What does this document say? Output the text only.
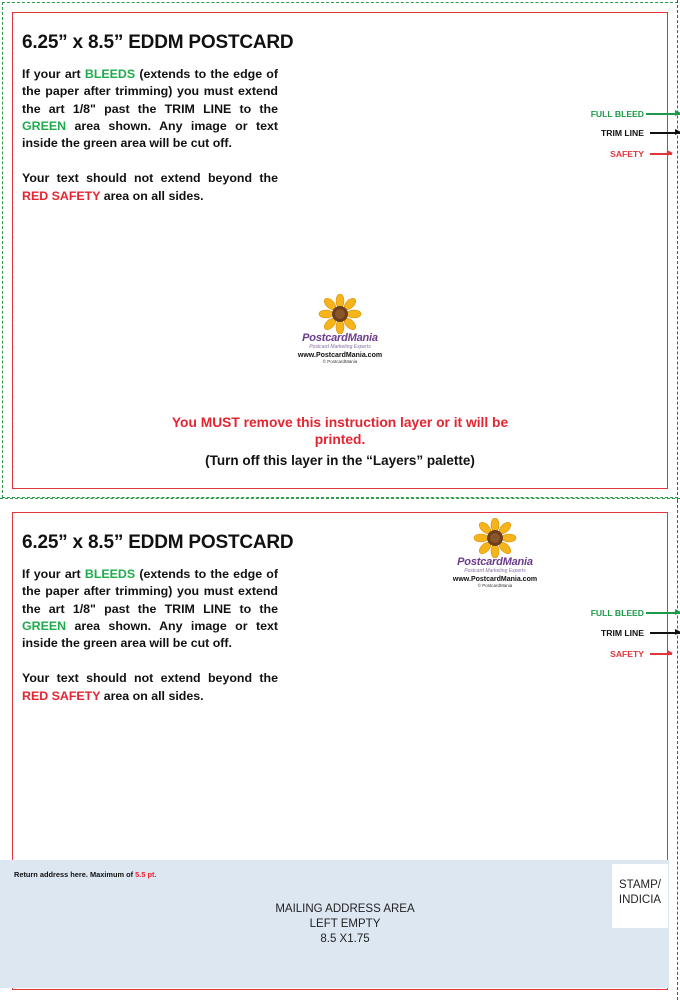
6.25” x 8.5” EDDM POSTCARD

If your art BLEEDS (extends to the edge of the paper after trimming) you must extend the art 1/8" past the TRIM LINE to the GREEN area shown. Any image or text inside the green area will be cut off.

Your text should not extend beyond the RED SAFETY area on all sides.

FULL BLEED
TRIM LINE
SAFETY
PostcardMania
Postcard Marketing Experts
www.PostcardMania.com
© PostcardMania
You MUST remove this instruction layer or it will be printed.
(Turn off this layer in the “Layers” palette)
6.25” x 8.5” EDDM POSTCARD

If your art BLEEDS (extends to the edge of the paper after trimming) you must extend the art 1/8" past the TRIM LINE to the GREEN area shown. Any image or text inside the green area will be cut off.

Your text should not extend beyond the RED SAFETY area on all sides.

FULL BLEED
TRIM LINE
SAFETY
PostcardMania
Postcard Marketing Experts
www.PostcardMania.com
© PostcardMania
Return address here. Maximum of 5.5 pt.
MAILING ADDRESS AREA
LEFT EMPTY
8.5 X1.75
STAMP/
INDICIA
